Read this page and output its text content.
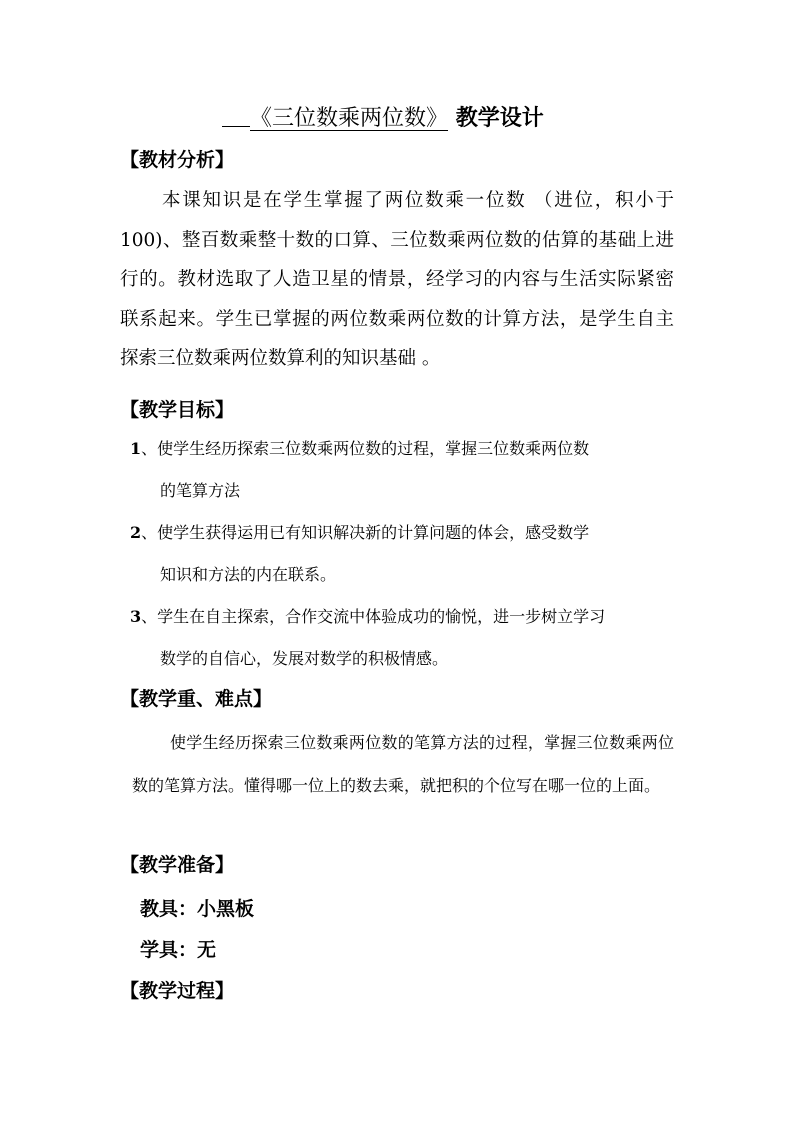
《三位数乘两位数》 教学设计
【教材分析】

本课知识是在学生掌握了两位数乘一位数 （进位，积小于 100)、整百数乘整十数的口算、三位数乘两位数的估算的基础上进行的。教材选取了人造卫星的情景，经学习的内容与生活实际紧密联系起来。学生已掌握的两位数乘两位数的计算方法，是学生自主探索三位数乘两位数算利的知识基础 。

【教学目标】

1、使学生经历探索三位数乘两位数的过程，掌握三位数乘两位数
的笔算方法

2、使学生获得运用已有知识解决新的计算问题的体会，感受数学
知识和方法的内在联系。

3、学生在自主探索，合作交流中体验成功的愉悦，进一步树立学习
数学的自信心，发展对数学的积极情感。

【教学重、难点】

使学生经历探索三位数乘两位数的笔算方法的过程，掌握三位数乘两位数的笔算方法。懂得哪一位上的数去乘，就把积的个位写在哪一位的上面。

【教学准备】
教具：小黑板
学具：无
【教学过程】
